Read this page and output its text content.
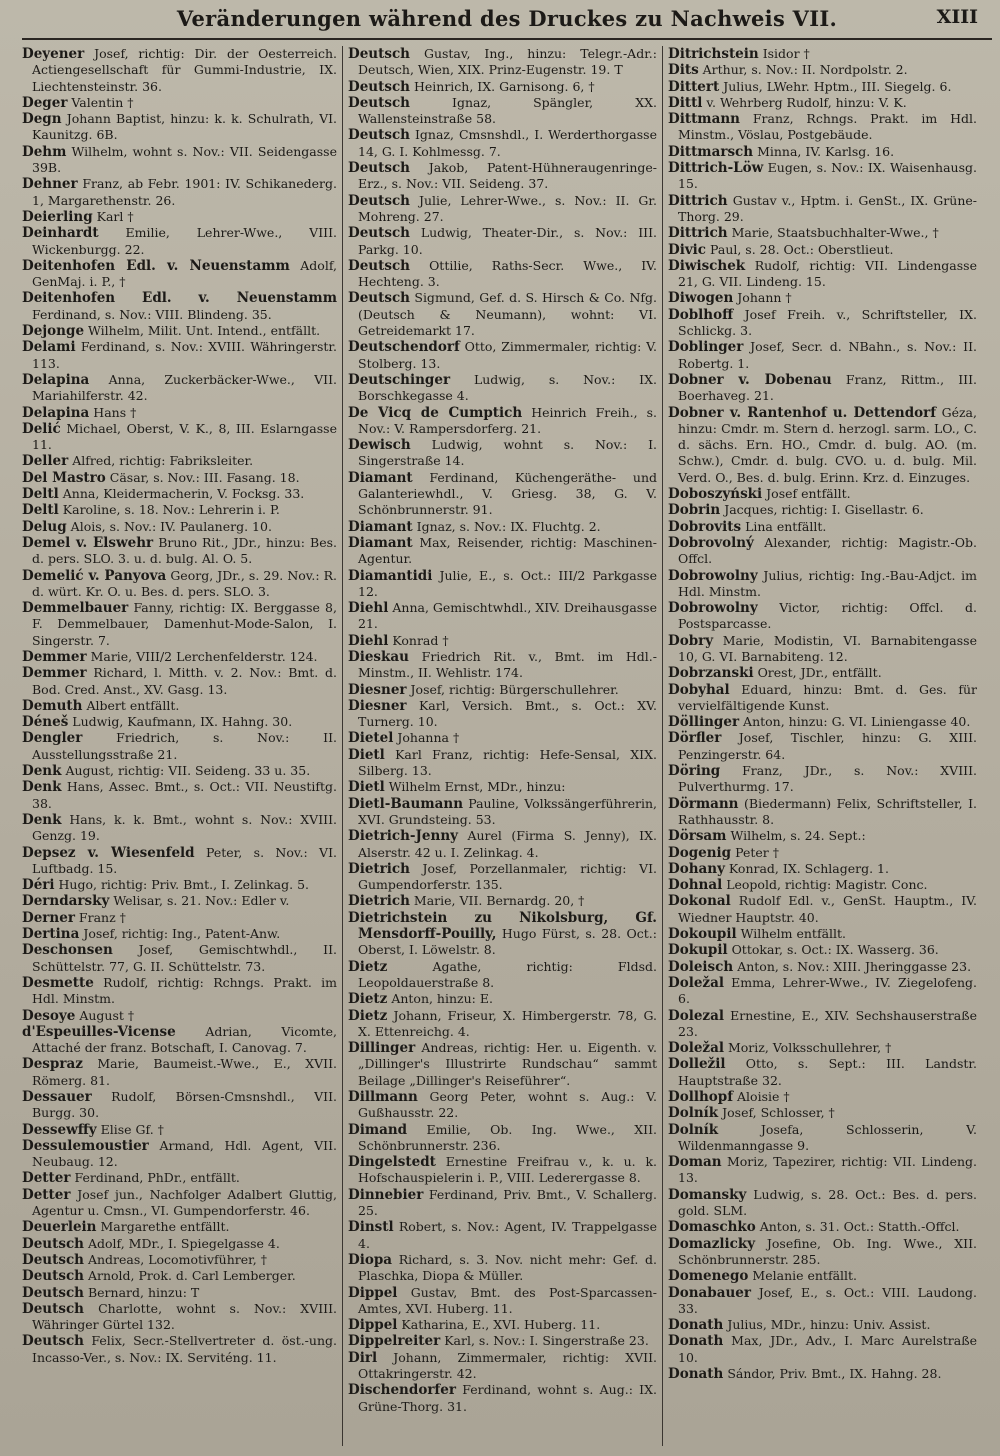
Veränderungen während des Druckes zu Nachweis VII.	XIII
Deyener Josef, richtig: Dir. der Oesterreich. Actiengesellschaft für Gummi-Industrie, IX. Liechtensteinstr. 36.
Deger Valentin †
Degn Johann Baptist, hinzu: k. k. Schulrath, VI. Kaunitzg. 6B.
Dehm Wilhelm, wohnt s. Nov.: VII. Seidengasse 39B.
Dehner Franz, ab Febr. 1901: IV. Schikanederg. 1, Margarethenstr. 26.
Deierling Karl †
Deinhardt Emilie, Lehrer-Wwe., VIII. Wickenburgg. 22.
Deitenhofen Edl. v. Neuenstamm Adolf, GenMaj. i. P., †
Deitenhofen Edl. v. Neuenstamm Ferdinand, s. Nov.: VIII. Blindeng. 35.
Dejonge Wilhelm, Milit. Unt. Intend., entfällt.
Delami Ferdinand, s. Nov.: XVIII. Währingerstr. 113.
Delapina Anna, Zuckerbäcker-Wwe., VII. Mariahilferstr. 42.
Delapina Hans †
Delić Michael, Oberst, V. K., 8, III. Eslarngasse 11.
Deller Alfred, richtig: Fabriksleiter.
Del Mastro Cäsar, s. Nov.: III. Fasang. 18.
Deltl Anna, Kleidermacherin, V. Focksg. 33.
Deltl Karoline, s. 18. Nov.: Lehrerin i. P.
Delug Alois, s. Nov.: IV. Paulanerg. 10.
Demel v. Elswehr Bruno Rit., JDr., hinzu: Bes. d. pers. SLO. 3. u. d. bulg. Al. O. 5.
Demelić v. Panyova Georg, JDr., s. 29. Nov.: R. d. würt. Kr. O. u. Bes. d. pers. SLO. 3.
Demmelbauer Fanny, richtig: IX. Berggasse 8, F. Demmelbauer, Damenhut-Mode-Salon, I. Singerstr. 7.
Demmer Marie, VIII/2 Lerchenfelderstr. 124.
Demmer Richard, l. Mitth. v. 2. Nov.: Bmt. d. Bod. Cred. Anst., XV. Gasg. 13.
Demuth Albert entfällt.
Déneš Ludwig, Kaufmann, IX. Hahng. 30.
Dengler	Friedrich, s. Nov.: II. Ausstellungsstraße 21.
Denk August, richtig: VII. Seideng. 33 u. 35.
Denk Hans, Assec. Bmt., s. Oct.: VII. Neustiftg. 38.
Denk Hans, k. k. Bmt., wohnt s. Nov.: XVIII. Genzg. 19.
Depsez v. Wiesenfeld Peter, s. Nov.: VI. Luftbadg. 15.
Déri Hugo, richtig: Priv. Bmt., I. Zelinkag. 5.
Derndarsky Welisar, s. 21. Nov.: Edler v.
Derner Franz †
Dertina Josef, richtig: Ing., Patent-Anw.
Deschonsen Josef, Gemischtwhdl., II. Schüttelstr. 77, G. II. Schüttelstr. 73.
Desmette Rudolf, richtig: Rchngs. Prakt. im Hdl. Minstm.
Desoye August †
d'Espeuilles-Vicense Adrian, Vicomte, Attaché der franz. Botschaft, I. Canovag. 7.
Despraz Marie, Baumeist.-Wwe., E., XVII. Römerg. 81.
Dessauer Rudolf, Börsen-Cmsnshdl., VII. Burgg. 30.
Dessewffy Elise Gf. †
Dessulemoustier Armand, Hdl. Agent, VII. Neubaug. 12.
Detter Ferdinand, PhDr., entfällt.
Detter Josef jun., Nachfolger Adalbert Gluttig, Agentur u. Cmsn., VI. Gumpendorferstr. 46.
Deuerlein Margarethe entfällt.
Deutsch Adolf, MDr., I. Spiegelgasse 4.
Deutsch Andreas, Locomotivführer, †
Deutsch Arnold, Prok. d. Carl Lemberger.
Deutsch Bernard, hinzu: T
Deutsch Charlotte, wohnt s. Nov.: XVIII. Währinger Gürtel 132.
Deutsch Felix, Secr.-Stellvertreter d. öst.-ung. Incasso-Ver., s. Nov.: IX. Serviténg. 11.
Deutsch Gustav, Ing., hinzu: Telegr.-Adr.: Deutsch, Wien, XIX. Prinz-Eugenstr. 19. T
Deutsch Heinrich, IX. Garnisong. 6, †
Deutsch	Ignaz, Spängler, XX. Wallensteinstraße 58.
Deutsch Ignaz, Cmsnshdl., I. Werderthorgasse 14, G. I. Kohlmessg. 7.
Deutsch Jakob, Patent-Hühneraugenringe-Erz., s. Nov.: VII. Seideng. 37.
Deutsch Julie, Lehrer-Wwe., s. Nov.: II. Gr. Mohreng. 27.
Deutsch Ludwig, Theater-Dir., s. Nov.: III. Parkg. 10.
Deutsch Ottilie, Raths-Secr. Wwe., IV. Hechteng. 3.
Deutsch Sigmund, Gef. d. S. Hirsch & Co. Nfg. (Deutsch & Neumann), wohnt: VI. Getreidemarkt 17.
Deutschendorf Otto, Zimmermaler, richtig: V. Stolberg. 13.
Deutschinger Ludwig, s. Nov.: IX. Borschkegasse 4.
De Vicq de Cumptich Heinrich Freih., s. Nov.: V. Rampersdorferg. 21.
Dewisch Ludwig, wohnt s. Nov.: I. Singerstraße 14.
Diamant Ferdinand, Küchengeräthe- und Galanteriewhdl., V. Griesg. 38, G. V. Schönbrunnerstr. 91.
Diamant Ignaz, s. Nov.: IX. Fluchtg. 2.
Diamant Max, Reisender, richtig: Maschinen-Agentur.
Diamantidi Julie, E., s. Oct.: III/2 Parkgasse 12.
Diehl Anna, Gemischtwhdl., XIV. Dreihausgasse 21.
Diehl Konrad †
Dieskau Friedrich Rit. v., Bmt. im Hdl.-Minstm., II. Wehlistr. 174.
Diesner Josef, richtig: Bürgerschullehrer.
Diesner Karl, Versich. Bmt., s. Oct.: XV. Turnerg. 10.
Dietel Johanna †
Dietl Karl Franz, richtig: Hefe-Sensal, XIX. Silberg. 13.
Dietl Wilhelm Ernst, MDr., hinzu:
Dietl-Baumann Pauline, Volkssängerführerin, XVI. Grundsteing. 53.
Dietrich-Jenny Aurel (Firma S. Jenny), IX. Alserstr. 42 u. I. Zelinkag. 4.
Dietrich Josef, Porzellanmaler, richtig: VI. Gumpendorferstr. 135.
Dietrich Marie, VII. Bernardg. 20, †
Dietrichstein zu Nikolsburg, Gf. Mensdorff-Pouilly, Hugo Fürst, s. 28. Oct.: Oberst, I. Löwelstr. 8.
Dietz	Agathe, richtig: Fldsd. Leopoldauerstraße 8.
Dietz Anton, hinzu: E.
Dietz Johann, Friseur, X. Himbergerstr. 78, G. X. Ettenreichg. 4.
Dillinger Andreas, richtig: Her. u. Eigenth. v. „Dillinger's Illustrirte Rundschau“ sammt Beilage „Dillinger's Reiseführer“.
Dillmann Georg Peter, wohnt s. Aug.: V. Gußhausstr. 22.
Dimand Emilie, Ob. Ing. Wwe., XII. Schönbrunnerstr. 236.
Dingelstedt Ernestine Freifrau v., k. u. k. Hofschauspielerin i. P., VIII. Lederergasse 8.
Dinnebier Ferdinand, Priv. Bmt., V. Schallerg. 25.
Dinstl Robert, s. Nov.: Agent, IV. Trappelgasse 4.
Diopa Richard, s. 3. Nov. nicht mehr: Gef. d. Plaschka, Diopa & Müller.
Dippel Gustav, Bmt. des Post-Sparcassen-Amtes, XVI. Huberg. 11.
Dippel Katharina, E., XVI. Huberg. 11.
Dippelreiter Karl, s. Nov.: I. Singerstraße 23.
Dirl Johann, Zimmermaler, richtig: XVII. Ottakringerstr. 42.
Dischendorfer Ferdinand, wohnt s. Aug.: IX. Grüne-Thorg. 31.
Ditrichstein Isidor †
Dits Arthur, s. Nov.: II. Nordpolstr. 2.
Dittert Julius, LWehr. Hptm., III. Siegelg. 6.
Dittl v. Wehrberg Rudolf, hinzu: V. K.
Dittmann Franz, Rchngs. Prakt. im Hdl. Minstm., Vöslau, Postgebäude.
Dittmarsch Minna, IV. Karlsg. 16.
Dittrich-Löw Eugen, s. Nov.: IX. Waisenhausg. 15.
Dittrich Gustav v., Hptm. i. GenSt., IX. Grüne-Thorg. 29.
Dittrich Marie, Staatsbuchhalter-Wwe., †
Divic Paul, s. 28. Oct.: Oberstlieut.
Diwischek Rudolf, richtig: VII. Lindengasse 21, G. VII. Lindeng. 15.
Diwogen Johann †
Doblhoff Josef Freih. v., Schriftsteller, IX. Schlickg. 3.
Doblinger Josef, Secr. d. NBahn., s. Nov.: II. Robertg. 1.
Dobner v. Dobenau Franz, Rittm., III. Boerhaveg. 21.
Dobner v. Rantenhof u. Dettendorf Géza, hinzu: Cmdr. m. Stern d. herzogl. sarm. LO., C. d. sächs. Ern. HO., Cmdr. d. bulg. AO. (m. Schw.), Cmdr. d. bulg. CVO. u. d. bulg. Mil. Verd. O., Bes. d. bulg. Erinn. Krz. d. Einzuges.
Doboszyński Josef entfällt.
Dobrin Jacques, richtig: I. Gisellastr. 6.
Dobrovits Lina entfällt.
Dobrovolný Alexander, richtig: Magistr.-Ob. Offcl.
Dobrowolny Julius, richtig: Ing.-Bau-Adjct. im Hdl. Minstm.
Dobrowolny Victor, richtig: Offcl. d. Postsparcasse.
Dobry Marie, Modistin, VI. Barnabitengasse 10, G. VI. Barnabiteng. 12.
Dobrzanski Orest, JDr., entfällt.
Dobyhal Eduard, hinzu: Bmt. d. Ges. für vervielfältigende Kunst.
Döllinger Anton, hinzu: G. VI. Liniengasse 40.
Dörfler Josef, Tischler, hinzu: G. XIII. Penzingerstr. 64.
Döring Franz, JDr., s. Nov.: XVIII. Pulverthurmg. 17.
Dörmann (Biedermann) Felix, Schriftsteller, I. Rathhausstr. 8.
Dörsam Wilhelm, s. 24. Sept.:
Dogenig Peter †
Dohany Konrad, IX. Schlagerg. 1.
Dohnal Leopold, richtig: Magistr. Conc.
Dokonal Rudolf Edl. v., GenSt. Hauptm., IV. Wiedner Hauptstr. 40.
Dokoupil Wilhelm entfällt.
Dokupil Ottokar, s. Oct.: IX. Wasserg. 36.
Doleisch Anton, s. Nov.: XIII. Jheringgasse 23.
Doležal Emma, Lehrer-Wwe., IV. Ziegelofeng. 6.
Dolezal Ernestine, E., XIV. Sechshauserstraße 23.
Doležal Moriz, Volksschullehrer, †
Dolležil Otto, s. Sept.: III. Landstr. Hauptstraße 32.
Dollhopf Aloisie †
Dolník Josef, Schlosser, †
Dolník	Josefa, Schlosserin, V. Wildenmanngasse 9.
Doman Moriz, Tapezirer, richtig: VII. Lindeng. 13.
Domansky Ludwig, s. 28. Oct.: Bes. d. pers. gold. SLM.
Domaschko Anton, s. 31. Oct.: Statth.-Offcl.
Domazlicky Josefine, Ob. Ing. Wwe., XII. Schönbrunnerstr. 285.
Domenego Melanie entfällt.
Donabauer Josef, E., s. Oct.: VIII. Laudong. 33.
Donath Julius, MDr., hinzu: Univ. Assist.
Donath Max, JDr., Adv., I. Marc Aurelstraße 10.
Donath Sándor, Priv. Bmt., IX. Hahng. 28.
